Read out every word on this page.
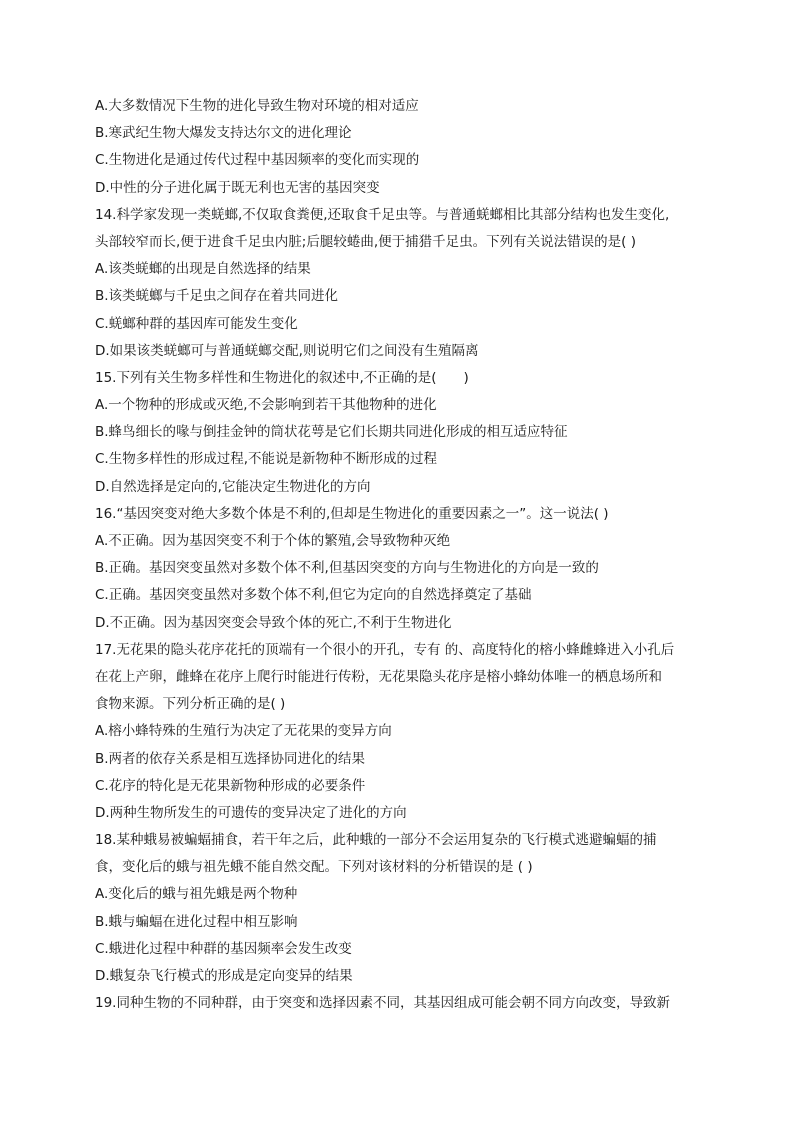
A.大多数情况下生物的进化导致生物对环境的相对适应
B.寒武纪生物大爆发支持达尔文的进化理论
C.生物进化是通过传代过程中基因频率的变化而实现的
D.中性的分子进化属于既无利也无害的基因突变
14.科学家发现一类蜣螂,不仅取食粪便,还取食千足虫等。与普通蜣螂相比其部分结构也发生变化,
头部较窄而长,便于进食千足虫内脏;后腿较蜷曲,便于捕猎千足虫。下列有关说法错误的是( )
A.该类蜣螂的出现是自然选择的结果
B.该类蜣螂与千足虫之间存在着共同进化
C.蜣螂种群的基因库可能发生变化
D.如果该类蜣螂可与普通蜣螂交配,则说明它们之间没有生殖隔离
15.下列有关生物多样性和生物进化的叙述中,不正确的是(　　)
A.一个物种的形成或灭绝,不会影响到若干其他物种的进化
B.蜂鸟细长的喙与倒挂金钟的筒状花萼是它们长期共同进化形成的相互适应特征
C.生物多样性的形成过程,不能说是新物种不断形成的过程
D.自然选择是定向的,它能决定生物进化的方向
16.“基因突变对绝大多数个体是不利的,但却是生物进化的重要因素之一”。这一说法( )
A.不正确。因为基因突变不利于个体的繁殖,会导致物种灭绝
B.正确。基因突变虽然对多数个体不利,但基因突变的方向与生物进化的方向是一致的
C.正确。基因突变虽然对多数个体不利,但它为定向的自然选择奠定了基础
D.不正确。因为基因突变会导致个体的死亡,不利于生物进化
17.无花果的隐头花序花托的顶端有一个很小的开孔，专有 的、高度特化的榕小蜂雌蜂进入小孔后
在花上产卵，雌蜂在花序上爬行时能进行传粉，无花果隐头花序是榕小蜂幼体唯一的栖息场所和
食物来源。下列分析正确的是( )
A.榕小蜂特殊的生殖行为决定了无花果的变异方向
B.两者的依存关系是相互选择协同进化的结果
C.花序的特化是无花果新物种形成的必要条件
D.两种生物所发生的可遗传的变异决定了进化的方向
18.某种蛾易被蝙蝠捕食，若干年之后，此种蛾的一部分不会运用复杂的飞行模式逃避蝙蝠的捕
食，变化后的蛾与祖先蛾不能自然交配。下列对该材料的分析错误的是 ( )
A.变化后的蛾与祖先蛾是两个物种
B.蛾与蝙蝠在进化过程中相互影响
C.蛾进化过程中种群的基因频率会发生改变
D.蛾复杂飞行模式的形成是定向变异的结果
19.同种生物的不同种群，由于突变和选择因素不同，其基因组成可能会朝不同方向改变，导致新
